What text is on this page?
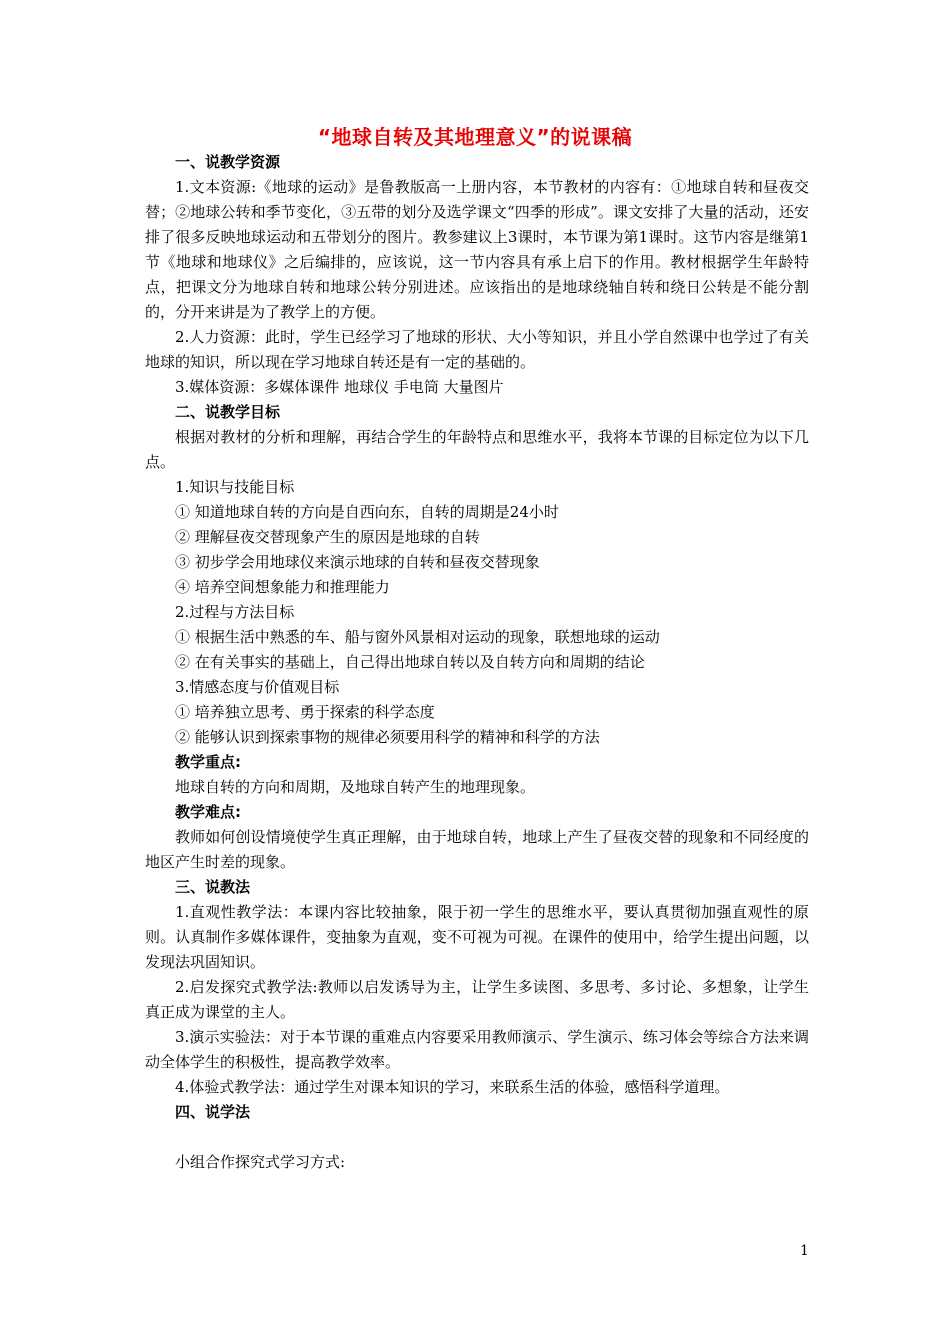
“地球自转及其地理意义”的说课稿

一、说教学资源

1.文本资源:《地球的运动》是鲁教版高一上册内容，本节教材的内容有：①地球自转和昼夜交替；②地球公转和季节变化，③五带的划分及选学课文“四季的形成”。课文安排了大量的活动，还安排了很多反映地球运动和五带划分的图片。教参建议上3课时，本节课为第1课时。这节内容是继第1节《地球和地球仪》之后编排的，应该说，这一节内容具有承上启下的作用。教材根据学生年龄特点，把课文分为地球自转和地球公转分别进述。应该指出的是地球绕轴自转和绕日公转是不能分割的，分开来讲是为了教学上的方便。

2.人力资源：此时，学生已经学习了地球的形状、大小等知识，并且小学自然课中也学过了有关地球的知识，所以现在学习地球自转还是有一定的基础的。

3.媒体资源：多媒体课件 地球仪 手电筒 大量图片

二、说教学目标

根据对教材的分析和理解，再结合学生的年龄特点和思维水平，我将本节课的目标定位为以下几点。

1.知识与技能目标

① 知道地球自转的方向是自西向东，自转的周期是24小时

② 理解昼夜交替现象产生的原因是地球的自转

③ 初步学会用地球仪来演示地球的自转和昼夜交替现象

④ 培养空间想象能力和推理能力

2.过程与方法目标

① 根据生活中熟悉的车、船与窗外风景相对运动的现象，联想地球的运动

② 在有关事实的基础上，自己得出地球自转以及自转方向和周期的结论

3.情感态度与价值观目标

① 培养独立思考、勇于探索的科学态度

② 能够认识到探索事物的规律必须要用科学的精神和科学的方法

教学重点:

地球自转的方向和周期，及地球自转产生的地理现象。

教学难点:

教师如何创设情境使学生真正理解，由于地球自转，地球上产生了昼夜交替的现象和不同经度的地区产生时差的现象。

三、说教法

1.直观性教学法：本课内容比较抽象，限于初一学生的思维水平，要认真贯彻加强直观性的原则。认真制作多媒体课件，变抽象为直观，变不可视为可视。在课件的使用中，给学生提出问题，以发现法巩固知识。

2.启发探究式教学法:教师以启发诱导为主，让学生多读图、多思考、多讨论、多想象，让学生真正成为课堂的主人。

3.演示实验法：对于本节课的重难点内容要采用教师演示、学生演示、练习体会等综合方法来调动全体学生的积极性，提高教学效率。

4.体验式教学法：通过学生对课本知识的学习，来联系生活的体验，感悟科学道理。

四、说学法

小组合作探究式学习方式:

1
